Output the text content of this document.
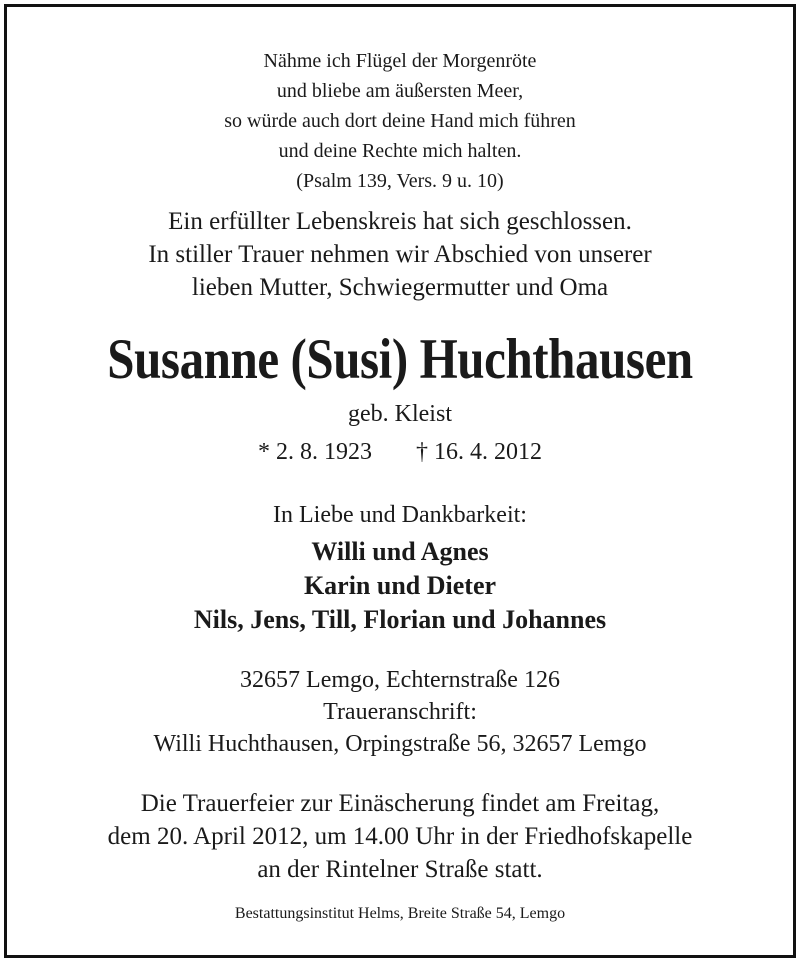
Nähme ich Flügel der Morgenröte
und bliebe am äußersten Meer,
so würde auch dort deine Hand mich führen
und deine Rechte mich halten.
(Psalm 139, Vers. 9 u. 10)
Ein erfüllter Lebenskreis hat sich geschlossen.
In stiller Trauer nehmen wir Abschied von unserer
lieben Mutter, Schwiegermutter und Oma
Susanne (Susi) Huchthausen
geb. Kleist
* 2. 8. 1923 † 16. 4. 2012
In Liebe und Dankbarkeit:
Willi und Agnes
Karin und Dieter
Nils, Jens, Till, Florian und Johannes
32657 Lemgo, Echternstraße 126
Traueranschrift:
Willi Huchthausen, Orpingstraße 56, 32657 Lemgo
Die Trauerfeier zur Einäscherung findet am Freitag,
dem 20. April 2012, um 14.00 Uhr in der Friedhofskapelle
an der Rintelner Straße statt.
Bestattungsinstitut Helms, Breite Straße 54, Lemgo
